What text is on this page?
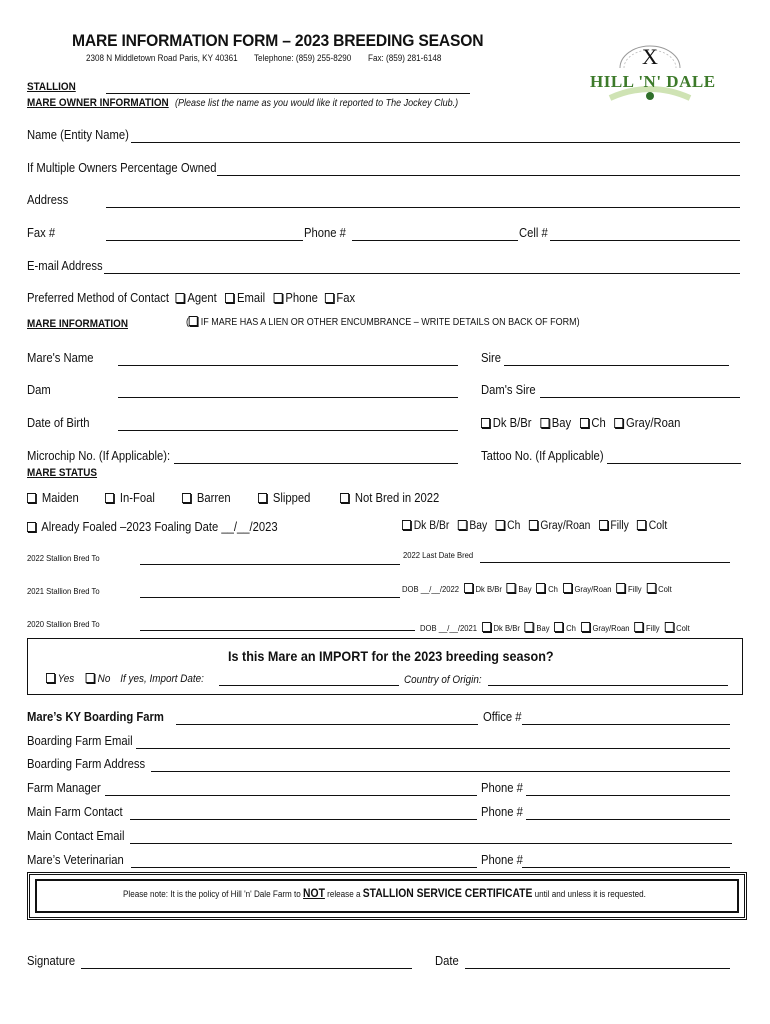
MARE INFORMATION FORM – 2023 BREEDING SEASON
2308 N Middletown Road Paris, KY 40361 Telephone: (859) 255-8290 Fax: (859) 281-6148	X
HILL 'N' DALE
STALLION
MARE OWNER INFORMATION (Please list the name as you would like it reported to The Jockey Club.)
Name (Entity Name)
If Multiple Owners Percentage Owned
Address
Fax #	Phone #	Cell #
E-mail Address
Preferred Method of Contact Agent Email Phone Fax
MARE INFORMATION	( IF MARE HAS A LIEN OR OTHER ENCUMBRANCE – WRITE DETAILS ON BACK OF FORM)
Mare's Name	Sire
Dam	Dam's Sire
Date of Birth	Dk B/Br Bay Ch Gray/Roan
Microchip No. (If Applicable):	Tattoo No. (If Applicable)
MARE STATUS
Maiden	In-Foal	Barren	Slipped	Not Bred in 2022
Already Foaled –2023 Foaling Date __/__/2023	Dk B/Br Bay Ch Gray/Roan Filly Colt
2022 Stallion Bred To	2022 Last Date Bred
2021 Stallion Bred To	DOB __/__/2022 Dk B/Br Bay Ch Gray/Roan Filly Colt
2020 Stallion Bred To	DOB __/__/2021 Dk B/Br Bay Ch Gray/Roan Filly Colt
Is this Mare an IMPORT for the 2023 breeding season?
Yes No If yes, Import Date:	Country of Origin:
Mare’s KY Boarding Farm	Office #
Boarding Farm Email
Boarding Farm Address
Farm Manager	Phone #
Main Farm Contact	Phone #
Main Contact Email
Mare’s Veterinarian	Phone #
Please note: It is the policy of Hill 'n' Dale Farm to NOT release a STALLION SERVICE CERTIFICATE until and unless it is requested.
Signature	Date
